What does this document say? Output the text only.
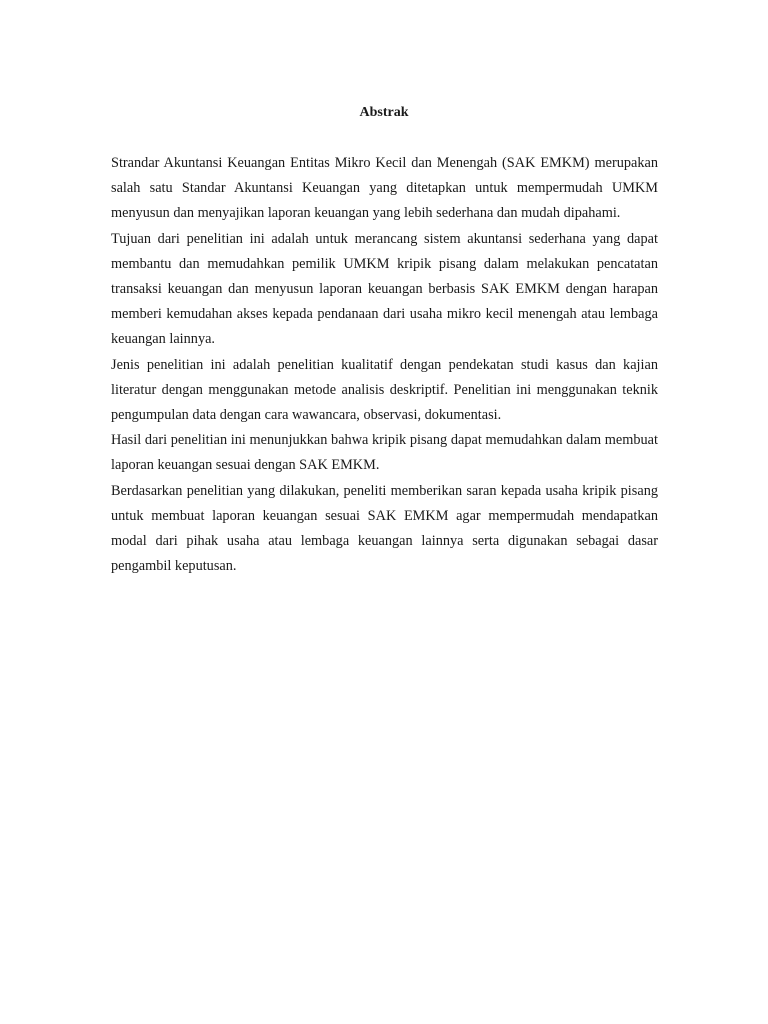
Abstrak

Strandar Akuntansi Keuangan Entitas Mikro Kecil dan Menengah (SAK EMKM) merupakan salah satu Standar Akuntansi Keuangan yang ditetapkan untuk mempermudah UMKM menyusun dan menyajikan laporan keuangan yang lebih sederhana dan mudah dipahami.

Tujuan dari penelitian ini adalah untuk merancang sistem akuntansi sederhana yang dapat membantu dan memudahkan pemilik UMKM kripik pisang dalam melakukan pencatatan transaksi keuangan dan menyusun laporan keuangan berbasis SAK EMKM dengan harapan memberi kemudahan akses kepada pendanaan dari usaha mikro kecil menengah atau lembaga keuangan lainnya.

Jenis penelitian ini adalah penelitian kualitatif dengan pendekatan studi kasus dan kajian literatur dengan menggunakan metode analisis deskriptif. Penelitian ini menggunakan teknik pengumpulan data dengan cara wawancara, observasi, dokumentasi.

Hasil dari penelitian ini menunjukkan bahwa kripik pisang dapat memudahkan dalam membuat laporan keuangan sesuai dengan SAK EMKM.

Berdasarkan penelitian yang dilakukan, peneliti memberikan saran kepada usaha kripik pisang untuk membuat laporan keuangan sesuai SAK EMKM agar mempermudah mendapatkan modal dari pihak usaha atau lembaga keuangan lainnya serta digunakan sebagai dasar pengambil keputusan.
